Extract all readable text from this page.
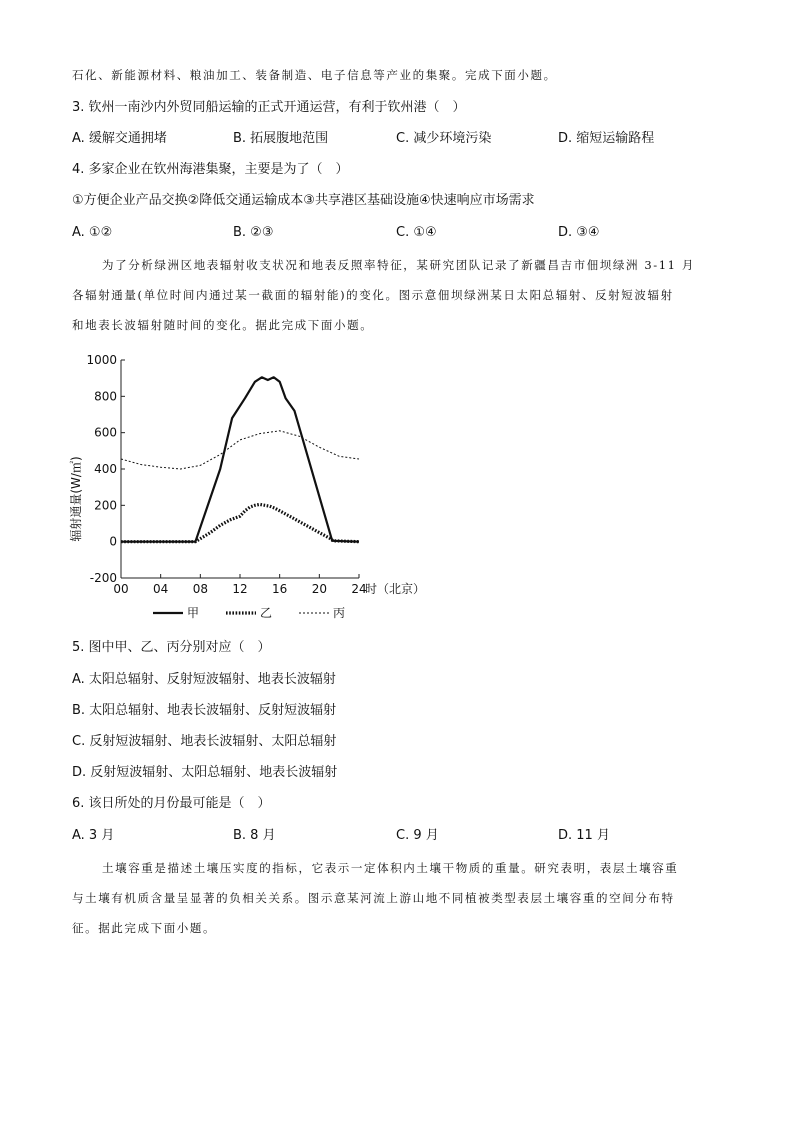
石化、新能源材料、粮油加工、装备制造、电子信息等产业的集聚。完成下面小题。
3. 钦州一南沙内外贸同船运输的正式开通运营，有利于钦州港（　）
A. 缓解交通拥堵	B. 拓展腹地范围	C. 减少环境污染	D. 缩短运输路程
4. 多家企业在钦州海港集聚，主要是为了（　）
①方便企业产品交换②降低交通运输成本③共享港区基础设施④快速响应市场需求
A. ①②	B. ②③	C. ①④	D. ③④
为了分析绿洲区地表辐射收支状况和地表反照率特征，某研究团队记录了新疆昌吉市佃坝绿洲 3-11 月
各辐射通量(单位时间内通过某一截面的辐射能)的变化。图示意佃坝绿洲某日太阳总辐射、反射短波辐射
和地表长波辐射随时间的变化。据此完成下面小题。
辐射通量(W/㎡)
1000
800
600
400
200
0
-200
00 04 08 12 16 20 24
时（北京）
甲	乙	丙
5. 图中甲、乙、丙分别对应（　）
A. 太阳总辐射、反射短波辐射、地表长波辐射
B. 太阳总辐射、地表长波辐射、反射短波辐射
C. 反射短波辐射、地表长波辐射、太阳总辐射
D. 反射短波辐射、太阳总辐射、地表长波辐射
6. 该日所处的月份最可能是（　）
A. 3 月	B. 8 月	C. 9 月	D. 11 月
土壤容重是描述土壤压实度的指标，它表示一定体积内土壤干物质的重量。研究表明，表层土壤容重
与土壤有机质含量呈显著的负相关关系。图示意某河流上游山地不同植被类型表层土壤容重的空间分布特
征。据此完成下面小题。
